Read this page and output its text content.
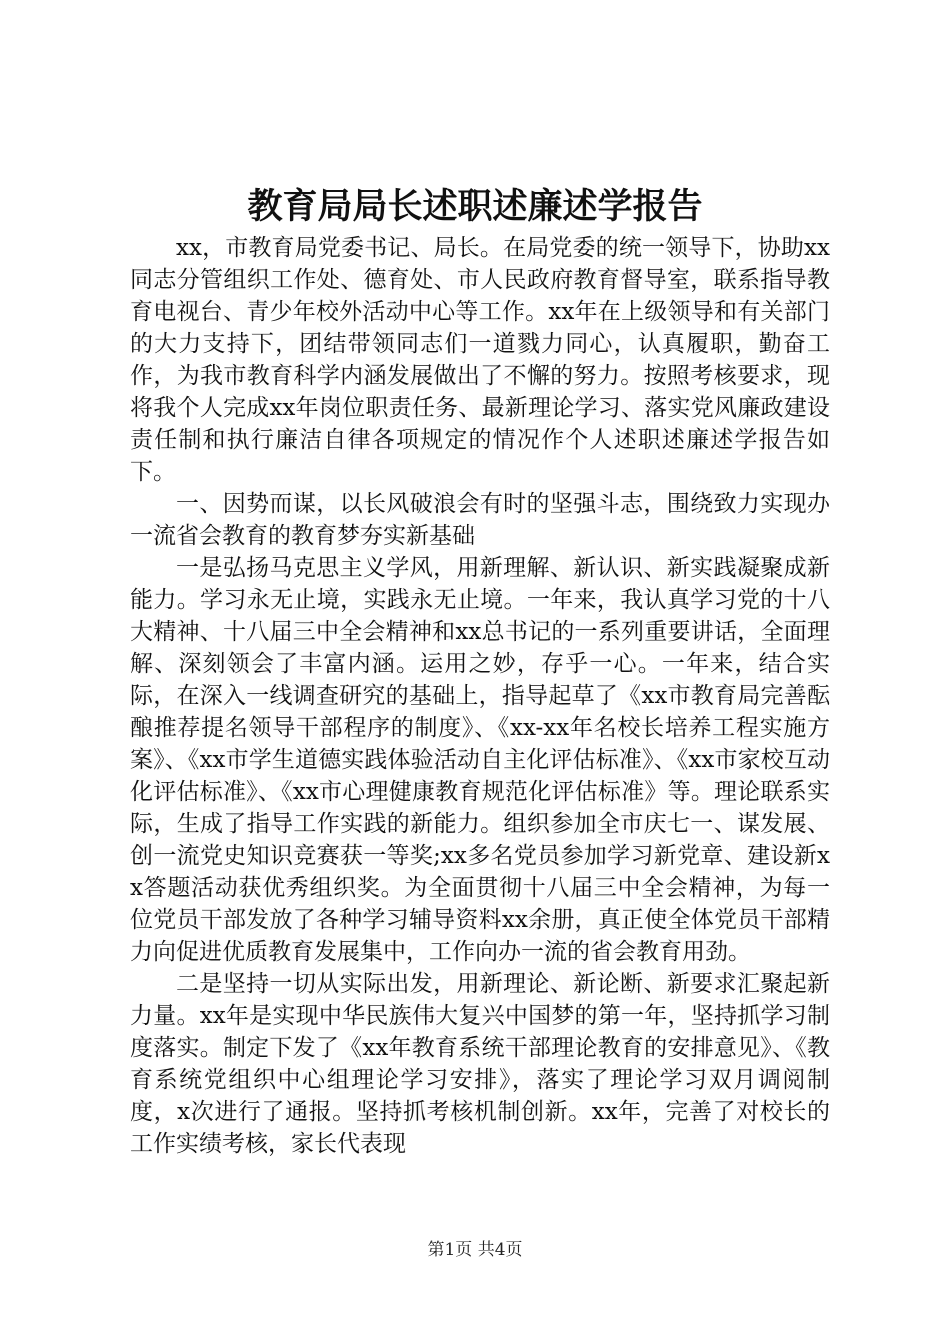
教育局局长述职述廉述学报告

xx，市教育局党委书记、局长。在局党委的统一领导下，协助xx同志分管组织工作处、德育处、市人民政府教育督导室，联系指导教育电视台、青少年校外活动中心等工作。xx年在上级领导和有关部门的大力支持下，团结带领同志们一道戮力同心，认真履职，勤奋工作，为我市教育科学内涵发展做出了不懈的努力。按照考核要求，现将我个人完成xx年岗位职责任务、最新理论学习、落实党风廉政建设责任制和执行廉洁自律各项规定的情况作个人述职述廉述学报告如下。

一、因势而谋，以长风破浪会有时的坚强斗志，围绕致力实现办一流省会教育的教育梦夯实新基础

一是弘扬马克思主义学风，用新理解、新认识、新实践凝聚成新能力。学习永无止境，实践永无止境。一年来，我认真学习党的十八大精神、十八届三中全会精神和xx总书记的一系列重要讲话，全面理解、深刻领会了丰富内涵。运用之妙，存乎一心。一年来，结合实际，在深入一线调查研究的基础上，指导起草了《xx市教育局完善酝酿推荐提名领导干部程序的制度》、《xx-xx年名校长培养工程实施方案》、《xx市学生道德实践体验活动自主化评估标准》、《xx市家校互动化评估标准》、《xx市心理健康教育规范化评估标准》等。理论联系实际，生成了指导工作实践的新能力。组织参加全市庆七一、谋发展、创一流党史知识竞赛获一等奖;xx多名党员参加学习新党章、建设新xx答题活动获优秀组织奖。为全面贯彻十八届三中全会精神，为每一位党员干部发放了各种学习辅导资料xx余册，真正使全体党员干部精力向促进优质教育发展集中，工作向办一流的省会教育用劲。

二是坚持一切从实际出发，用新理论、新论断、新要求汇聚起新力量。xx年是实现中华民族伟大复兴中国梦的第一年，坚持抓学习制度落实。制定下发了《xx年教育系统干部理论教育的安排意见》、《教育系统党组织中心组理论学习安排》，落实了理论学习双月调阅制度，x次进行了通报。坚持抓考核机制创新。xx年，完善了对校长的工作实绩考核，家长代表现

第1页 共4页
